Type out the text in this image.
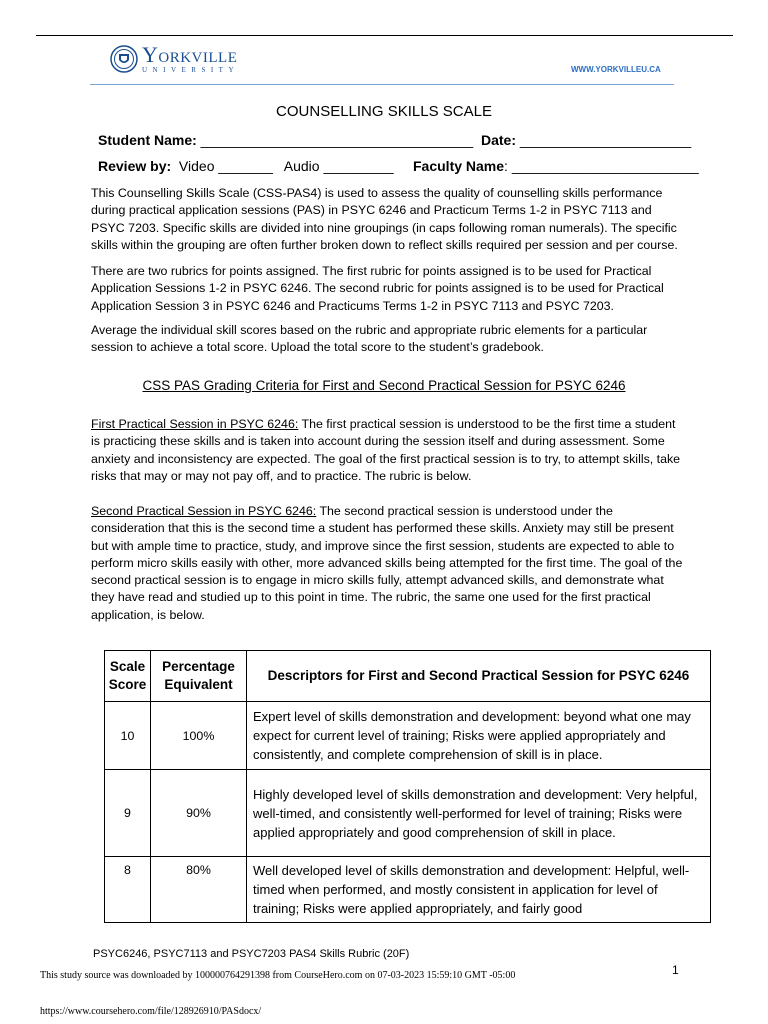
Yorkville
UNIVERSITY	WWW.YORKVILLEU.CA
COUNSELLING SKILLS SCALE
Student Name: ___________________________________ Date: ______________________
Review by:  Video _______   Audio _________ Faculty Name: ________________________
This Counselling Skills Scale (CSS-PAS4) is used to assess the quality of counselling skills performance during practical application sessions (PAS) in PSYC 6246 and Practicum Terms 1-2 in PSYC 7113 and PSYC 7203. Specific skills are divided into nine groupings (in caps following roman numerals). The specific skills within the grouping are often further broken down to reflect skills required per session and per course.
There are two rubrics for points assigned. The first rubric for points assigned is to be used for Practical Application Sessions 1-2 in PSYC 6246. The second rubric for points assigned is to be used for Practical Application Session 3 in PSYC 6246 and Practicums Terms 1-2 in PSYC 7113 and PSYC 7203.
Average the individual skill scores based on the rubric and appropriate rubric elements for a particular session to achieve a total score. Upload the total score to the student’s gradebook.
CSS PAS Grading Criteria for First and Second Practical Session for PSYC 6246
First Practical Session in PSYC 6246: The first practical session is understood to be the first time a student is practicing these skills and is taken into account during the session itself and during assessment. Some anxiety and inconsistency are expected. The goal of the first practical session is to try, to attempt skills, take risks that may or may not pay off, and to practice. The rubric is below.
Second Practical Session in PSYC 6246: The second practical session is understood under the consideration that this is the second time a student has performed these skills. Anxiety may still be present but with ample time to practice, study, and improve since the first session, students are expected to able to perform micro skills easily with other, more advanced skills being attempted for the first time. The goal of the second practical session is to engage in micro skills fully, attempt advanced skills, and demonstrate what they have read and studied up to this point in time. The rubric, the same one used for the first practical application, is below.
Scale Score	Percentage Equivalent	Descriptors for First and Second Practical Session for PSYC 6246
10	100%	Expert level of skills demonstration and development: beyond what one may expect for current level of training; Risks were applied appropriately and consistently, and complete comprehension of skill is in place.
9	90%	Highly developed level of skills demonstration and development: Very helpful, well-timed, and consistently well-performed for level of training; Risks were applied appropriately and good comprehension of skill in place.
8	80%	Well developed level of skills demonstration and development: Helpful, well-timed when performed, and mostly consistent in application for level of training; Risks were applied appropriately, and fairly good
PSYC6246, PSYC7113 and PSYC7203 PAS4 Skills Rubric (20F)
1
This study source was downloaded by 100000764291398 from CourseHero.com on 07-03-2023 15:59:10 GMT -05:00
https://www.coursehero.com/file/128926910/PASdocx/
